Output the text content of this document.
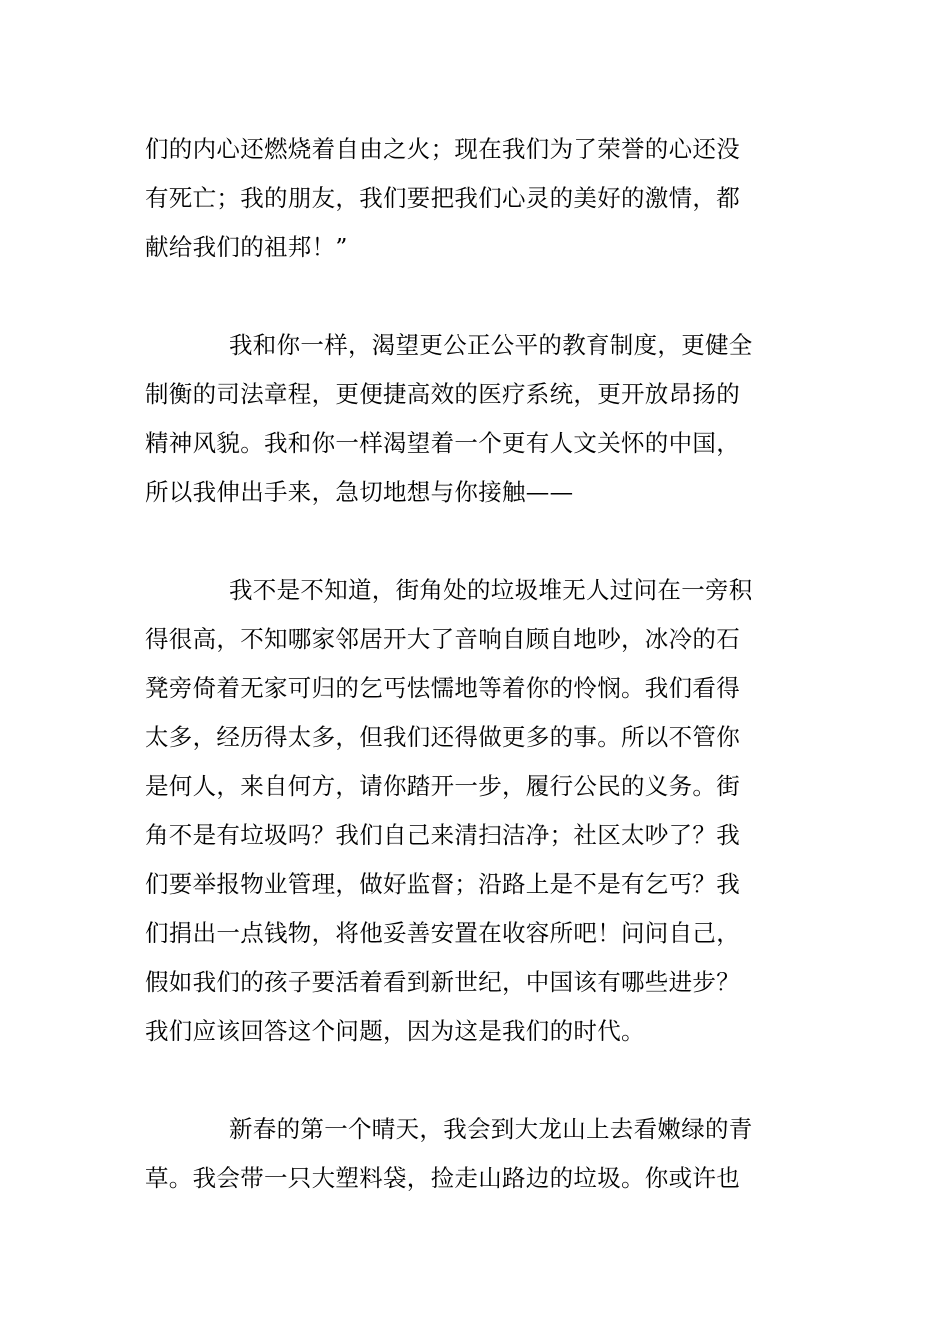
们的内心还燃烧着自由之火；现在我们为了荣誉的心还没
有死亡；我的朋友，我们要把我们心灵的美好的激情，都
献给我们的祖邦！”
我和你一样，渴望更公正公平的教育制度，更健全
制衡的司法章程，更便捷高效的医疗系统，更开放昂扬的
精神风貌。我和你一样渴望着一个更有人文关怀的中国，
所以我伸出手来，急切地想与你接触——
我不是不知道，街角处的垃圾堆无人过问在一旁积
得很高，不知哪家邻居开大了音响自顾自地吵，冰冷的石
凳旁倚着无家可归的乞丐怯懦地等着你的怜悯。我们看得
太多，经历得太多，但我们还得做更多的事。所以不管你
是何人，来自何方，请你踏开一步，履行公民的义务。街
角不是有垃圾吗？我们自己来清扫洁净；社区太吵了？我
们要举报物业管理，做好监督；沿路上是不是有乞丐？我
们捐出一点钱物，将他妥善安置在收容所吧！问问自己，
假如我们的孩子要活着看到新世纪，中国该有哪些进步？
我们应该回答这个问题，因为这是我们的时代。
新春的第一个晴天，我会到大龙山上去看嫩绿的青
草。我会带一只大塑料袋，捡走山路边的垃圾。你或许也
